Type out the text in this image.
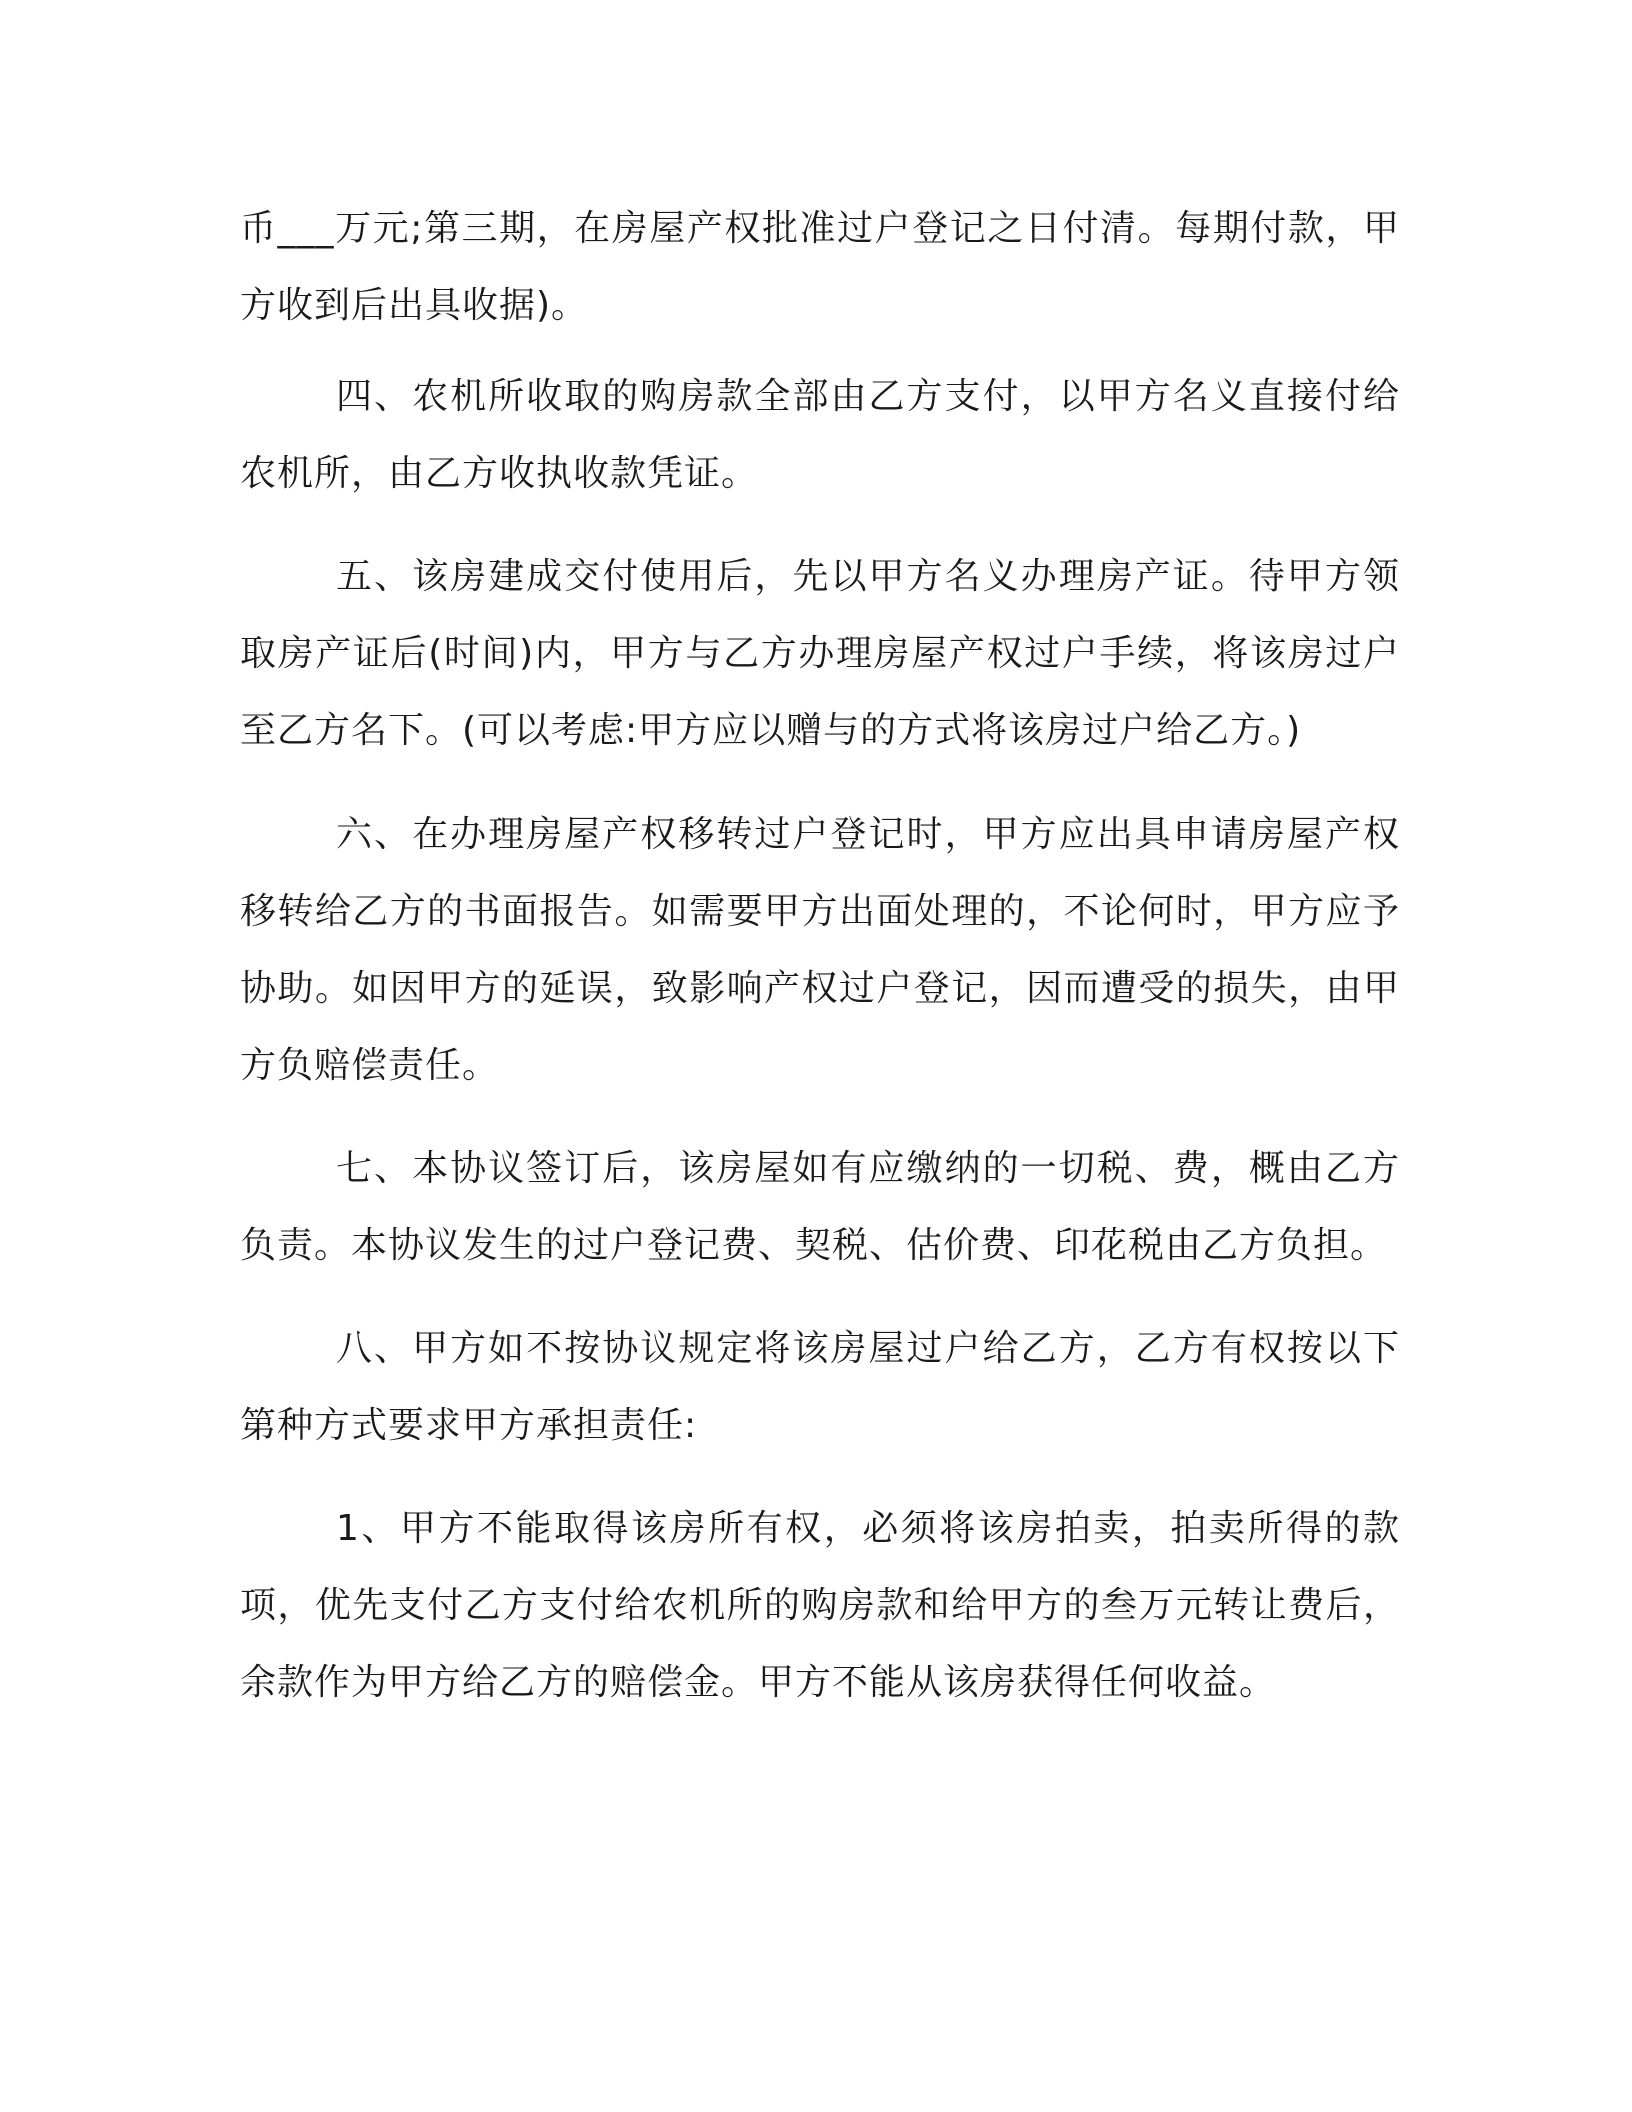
币___万元;第三期，在房屋产权批准过户登记之日付清。每期付款，甲方收到后出具收据)。

四、农机所收取的购房款全部由乙方支付，以甲方名义直接付给农机所，由乙方收执收款凭证。

五、该房建成交付使用后，先以甲方名义办理房产证。待甲方领取房产证后(时间)内，甲方与乙方办理房屋产权过户手续，将该房过户至乙方名下。(可以考虑:甲方应以赠与的方式将该房过户给乙方。)

六、在办理房屋产权移转过户登记时，甲方应出具申请房屋产权移转给乙方的书面报告。如需要甲方出面处理的，不论何时，甲方应予协助。如因甲方的延误，致影响产权过户登记，因而遭受的损失，由甲方负赔偿责任。

七、本协议签订后，该房屋如有应缴纳的一切税、费，概由乙方负责。本协议发生的过户登记费、契税、估价费、印花税由乙方负担。

八、甲方如不按协议规定将该房屋过户给乙方，乙方有权按以下第种方式要求甲方承担责任:

1、甲方不能取得该房所有权，必须将该房拍卖，拍卖所得的款项，优先支付乙方支付给农机所的购房款和给甲方的叁万元转让费后，余款作为甲方给乙方的赔偿金。甲方不能从该房获得任何收益。
